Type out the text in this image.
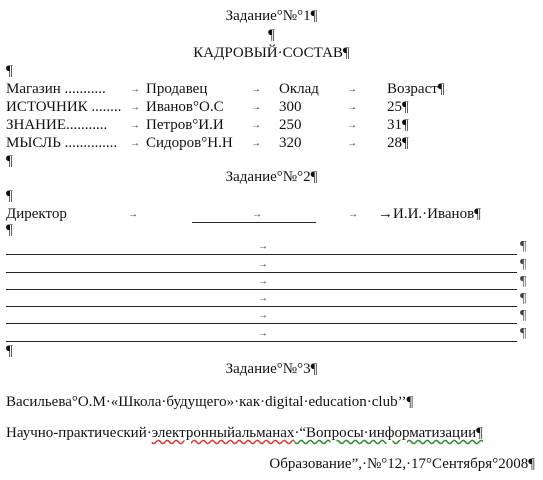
Задание°№°1¶
¶
КАДРОВЫЙ·СОСТАВ¶
¶
Магазин ........... → Продавец	→ Оклад	→ Возраст¶
ИСТОЧНИК ........ → Иванов°О.С	→ 300	→ 25¶
ЗНАНИЕ........... → Петров°И.И	→ 250	→ 31¶
МЫСЛЬ .............. → Сидоров°Н.Н → 320	→ 28¶
¶
Задание°№°2¶
¶
Директор	→	→	→ →И.И.·Иванов¶
¶
→	¶
→	¶
→	¶
→	¶
→	¶
→	¶
¶
Задание°№°3¶
Васильева°О.М·«Школа·будущего»·как·digital·education·club’’¶
Научно-практический·электронныйальманах·“Вопросы·информатизации¶
Образование”,·№°12,·17°Сентября°2008¶
